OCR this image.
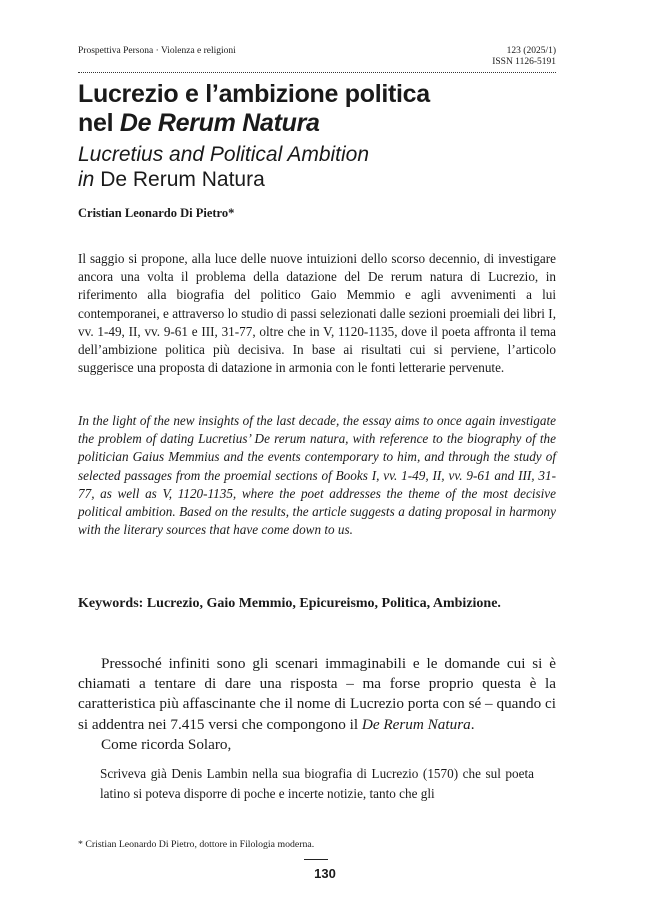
Prospettiva Persona · Violenza e religioni	123 (2025/1)
ISSN 1126-5191
Lucrezio e l’ambizione politica
nel De Rerum Natura
Lucretius and Political Ambition
in De Rerum Natura
Cristian Leonardo Di Pietro*

Il saggio si propone, alla luce delle nuove intuizioni dello scorso decennio, di investigare ancora una volta il problema della datazione del De rerum natura di Lucrezio, in riferimento alla biografia del politico Gaio Memmio e agli avvenimenti a lui contemporanei, e attraverso lo studio di passi selezionati dalle sezioni proemiali dei libri I, vv. 1-49, II, vv. 9-61 e III, 31-77, oltre che in V, 1120-1135, dove il poeta affronta il tema dell’ambizione politica più decisiva. In base ai risultati cui si perviene, l’articolo suggerisce una proposta di datazione in armonia con le fonti letterarie pervenute.

In the light of the new insights of the last decade, the essay aims to once again investigate the problem of dating Lucretius’ De rerum natura, with reference to the biography of the politician Gaius Memmius and the events contemporary to him, and through the study of selected passages from the proemial sections of Books I, vv. 1-49, II, vv. 9-61 and III, 31-77, as well as V, 1120-1135, where the poet addresses the theme of the most decisive political ambition. Based on the results, the article suggests a dating proposal in harmony with the literary sources that have come down to us.

Keywords: Lucrezio, Gaio Memmio, Epicureismo, Politica, Ambizione.

Pressoché infiniti sono gli scenari immaginabili e le domande cui si è chiamati a tentare di dare una risposta – ma forse proprio questa è la caratteristica più affascinante che il nome di Lucrezio porta con sé – quando ci si addentra nei 7.415 versi che compongono il De Rerum Natura.

Come ricorda Solaro,

Scriveva già Denis Lambin nella sua biografia di Lucrezio (1570) che sul poeta latino si poteva disporre di poche e incerte notizie, tanto che gli

* Cristian Leonardo Di Pietro, dottore in Filologia moderna.
130
